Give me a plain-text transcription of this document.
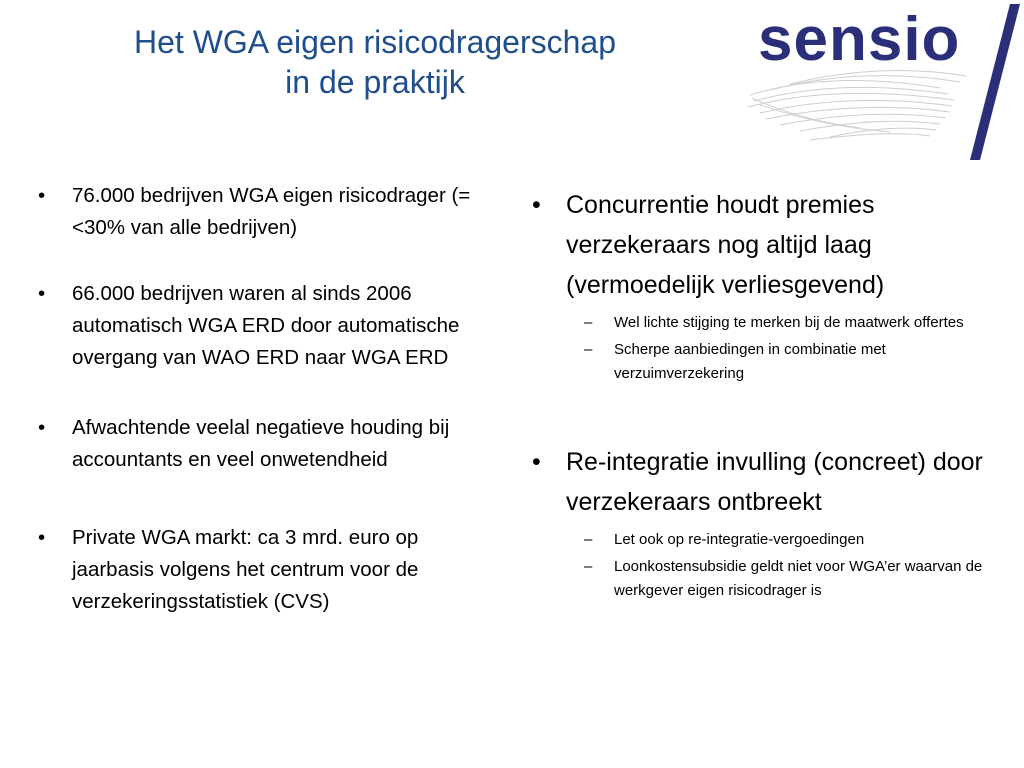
Het WGA eigen risicodragerschap
in de praktijk
sensio
• 76.000 bedrijven WGA eigen risicodrager (= <30% van alle bedrijven)
• 66.000 bedrijven waren al sinds 2006 automatisch WGA ERD door automatische overgang van WAO ERD naar WGA ERD
• Afwachtende veelal negatieve houding bij accountants en veel onwetendheid
• Private WGA markt: ca 3 mrd. euro op jaarbasis volgens het centrum voor de verzekeringsstatistiek (CVS)
• Concurrentie houdt premies verzekeraars nog altijd laag (vermoedelijk verliesgevend)
– Wel lichte stijging te merken bij de maatwerk offertes
– Scherpe aanbiedingen in combinatie met verzuimverzekering
• Re-integratie invulling (concreet) door verzekeraars ontbreekt
– Let ook op re-integratie-vergoedingen
– Loonkostensubsidie geldt niet voor WGA’er waarvan de werkgever eigen risicodrager is
